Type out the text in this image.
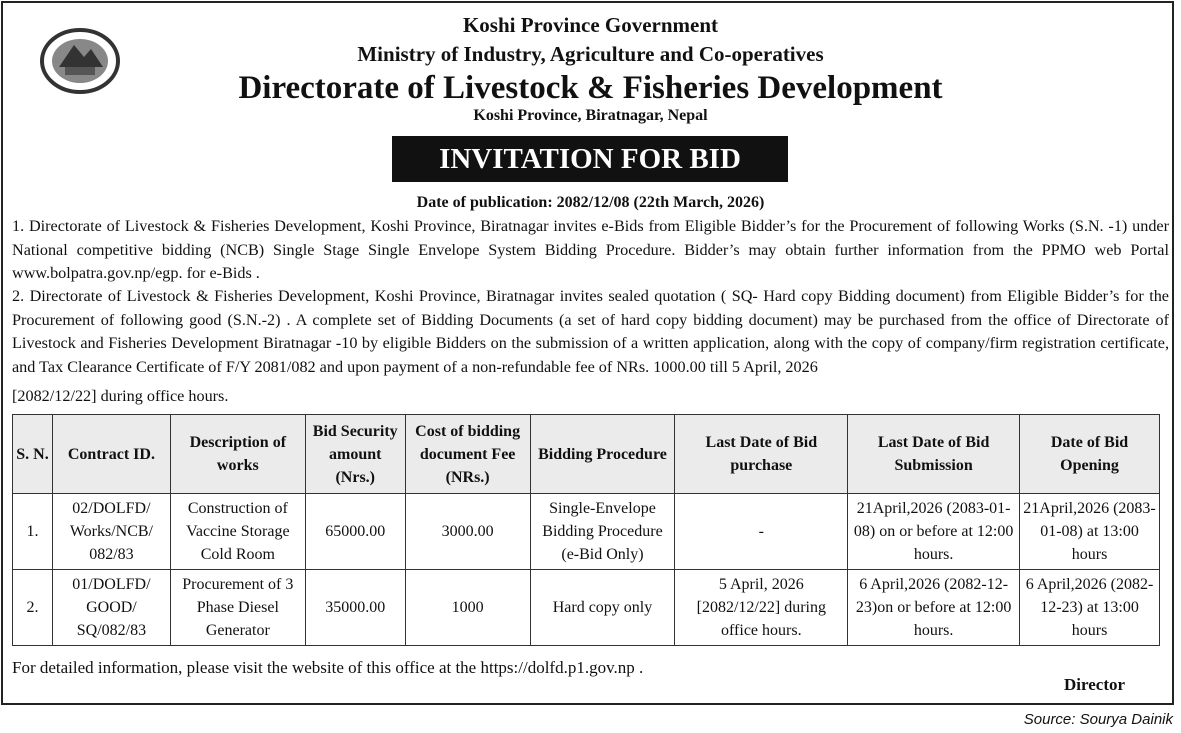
Koshi Province Government
Ministry of Industry, Agriculture and Co-operatives
Directorate of Livestock & Fisheries Development
Koshi Province, Biratnagar, Nepal
INVITATION FOR BID
Date of publication: 2082/12/08 (22th March, 2026)
1. Directorate of Livestock & Fisheries Development, Koshi Province, Biratnagar invites e-Bids from Eligible Bidder’s for the Procurement of following Works (S.N. -1) under National competitive bidding (NCB) Single Stage Single Envelope System Bidding Procedure. Bidder’s may obtain further information from the PPMO web Portal www.bolpatra.gov.np/egp. for e-Bids .
2. Directorate of Livestock & Fisheries Development, Koshi Province, Biratnagar invites sealed quotation ( SQ- Hard copy Bidding document) from Eligible Bidder’s for the Procurement of following good (S.N.-2) . A complete set of Bidding Documents (a set of hard copy bidding document) may be purchased from the office of Directorate of Livestock and Fisheries Development Biratnagar -10 by eligible Bidders on the submission of a written application, along with the copy of company/firm registration certificate, and Tax Clearance Certificate of F/Y 2081/082 and upon payment of a non-refundable fee of NRs. 1000.00 till 5 April, 2026
[2082/12/22] during office hours.
S. N.	Contract ID.	Description of works	Bid Security amount (Nrs.)	Cost of bidding document Fee (NRs.)	Bidding Procedure	Last Date of Bid purchase	Last Date of Bid Submission	Date of Bid Opening
1.	02/DOLFD/ Works/NCB/ 082/83	Construction of Vaccine Storage Cold Room	65000.00	3000.00	Single-Envelope Bidding Procedure (e-Bid Only)	-	21April,2026 (2083-01-08) on or before at 12:00 hours.	21April,2026 (2083-01-08) at 13:00 hours
2.	01/DOLFD/ GOOD/ SQ/082/83	Procurement of 3 Phase Diesel Generator	35000.00	1000	Hard copy only	5 April, 2026 [2082/12/22] during office hours.	6 April,2026 (2082-12-23)on or before at 12:00 hours.	6 April,2026 (2082-12-23) at 13:00 hours
For detailed information, please visit the website of this office at the https://dolfd.p1.gov.np .
Director
Source: Sourya Dainik
